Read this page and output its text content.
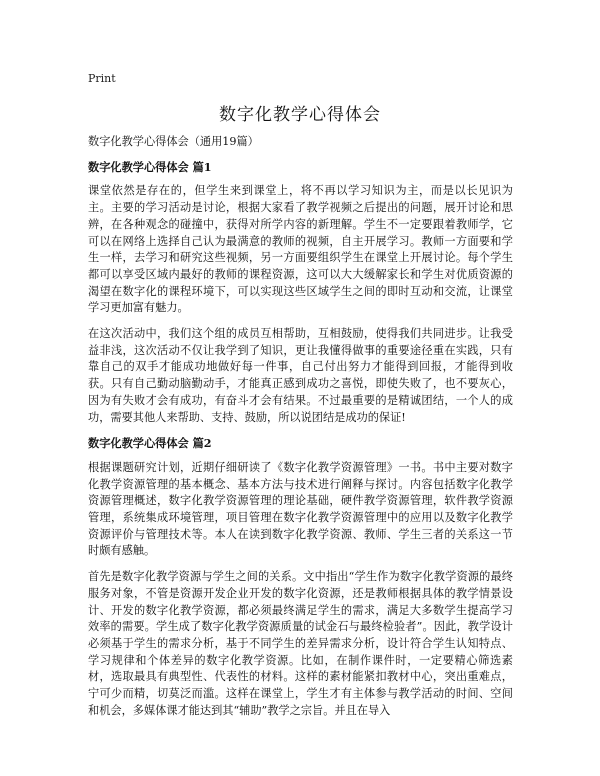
Print
数字化教学心得体会

数字化教学心得体会（通用19篇）

数字化教学心得体会 篇1

课堂依然是存在的，但学生来到课堂上，将不再以学习知识为主，而是以长见识为主。主要的学习活动是讨论，根据大家看了教学视频之后提出的问题，展开讨论和思辨，在各种观念的碰撞中，获得对所学内容的新理解。学生不一定要跟着教师学，它可以在网络上选择自己认为最满意的教师的视频，自主开展学习。教师一方面要和学生一样，去学习和研究这些视频，另一方面要组织学生在课堂上开展讨论。每个学生都可以享受区域内最好的教师的课程资源，这可以大大缓解家长和学生对优质资源的渴望在数字化的课程环境下，可以实现这些区域学生之间的即时互动和交流，让课堂学习更加富有魅力。

在这次活动中，我们这个组的成员互相帮助，互相鼓励，使得我们共同进步。让我受益非浅，这次活动不仅让我学到了知识，更让我懂得做事的重要途径重在实践，只有靠自己的双手才能成功地做好每一件事，自己付出努力才能得到回报，才能得到收获。只有自己勤动脑勤动手，才能真正感到成功之喜悦，即使失败了，也不要灰心，因为有失败才会有成功，有奋斗才会有结果。不过最重要的是精诚团结，一个人的成功，需要其他人来帮助、支持、鼓励，所以说团结是成功的保证!

数字化教学心得体会 篇2

根据课题研究计划，近期仔细研读了《数字化教学资源管理》一书。书中主要对数字化教学资源管理的基本概念、基本方法与技术进行阐释与探讨。内容包括数字化教学资源管理概述，数字化教学资源管理的理论基础，硬件教学资源管理，软件教学资源管理，系统集成环境管理，项目管理在数字化教学资源管理中的应用以及数字化教学资源评价与管理技术等。本人在读到数字化教学资源、教师、学生三者的关系这一节时颇有感触。

首先是数字化教学资源与学生之间的关系。文中指出“学生作为数字化教学资源的最终服务对象，不管是资源开发企业开发的数字化资源，还是教师根据具体的教学情景设计、开发的数字化教学资源，都必须最终满足学生的需求，满足大多数学生提高学习效率的需要。学生成了数字化教学资源质量的试金石与最终检验者”。因此，教学设计必须基于学生的需求分析，基于不同学生的差异需求分析，设计符合学生认知特点、学习规律和个体差异的数字化教学资源。比如，在制作课件时，一定要精心筛选素材，选取最具有典型性、代表性的材料。这样的素材能紧扣教材中心，突出重难点，宁可少而精，切莫泛而滥。这样在课堂上，学生才有主体参与教学活动的时间、空间和机会，多媒体课才能达到其“辅助”教学之宗旨。并且在导入
